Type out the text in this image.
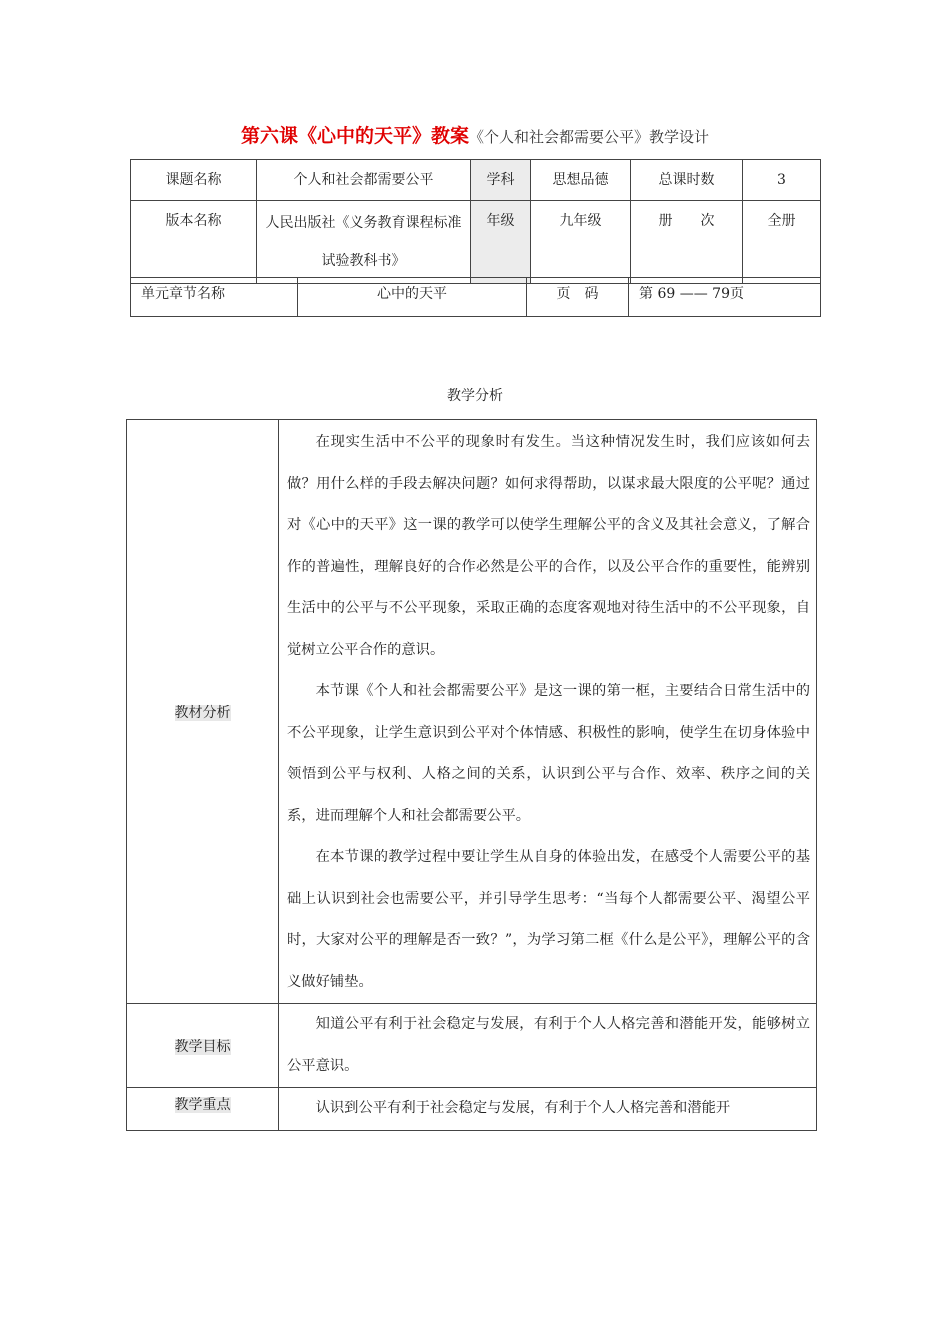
第六课《心中的天平》教案《个人和社会都需要公平》教学设计
课题名称	个人和社会都需要公平	学科	思想品德	总课时数	3
版本名称	人民出版社《义务教育课程标准试验教科书》	年级	九年级	册　　次	全册
单元章节名称	心中的天平	页　码	第 69 —— 79页
教学分析
教材分析	在现实生活中不公平的现象时有发生。当这种情况发生时，我们应该如何去做？用什么样的手段去解决问题？如何求得帮助，以谋求最大限度的公平呢？通过对《心中的天平》这一课的教学可以使学生理解公平的含义及其社会意义，了解合作的普遍性，理解良好的合作必然是公平的合作，以及公平合作的重要性，能辨别生活中的公平与不公平现象，采取正确的态度客观地对待生活中的不公平现象，自觉树立公平合作的意识。

本节课《个人和社会都需要公平》是这一课的第一框，主要结合日常生活中的不公平现象，让学生意识到公平对个体情感、积极性的影响，使学生在切身体验中领悟到公平与权利、人格之间的关系，认识到公平与合作、效率、秩序之间的关系，进而理解个人和社会都需要公平。

在本节课的教学过程中要让学生从自身的体验出发，在感受个人需要公平的基础上认识到社会也需要公平，并引导学生思考：“当每个人都需要公平、渴望公平时，大家对公平的理解是否一致？”，为学习第二框《什么是公平》，理解公平的含义做好铺垫。

教学目标	知道公平有利于社会稳定与发展，有利于个人人格完善和潜能开发，能够树立公平意识。

教学重点	认识到公平有利于社会稳定与发展，有利于个人人格完善和潜能开
